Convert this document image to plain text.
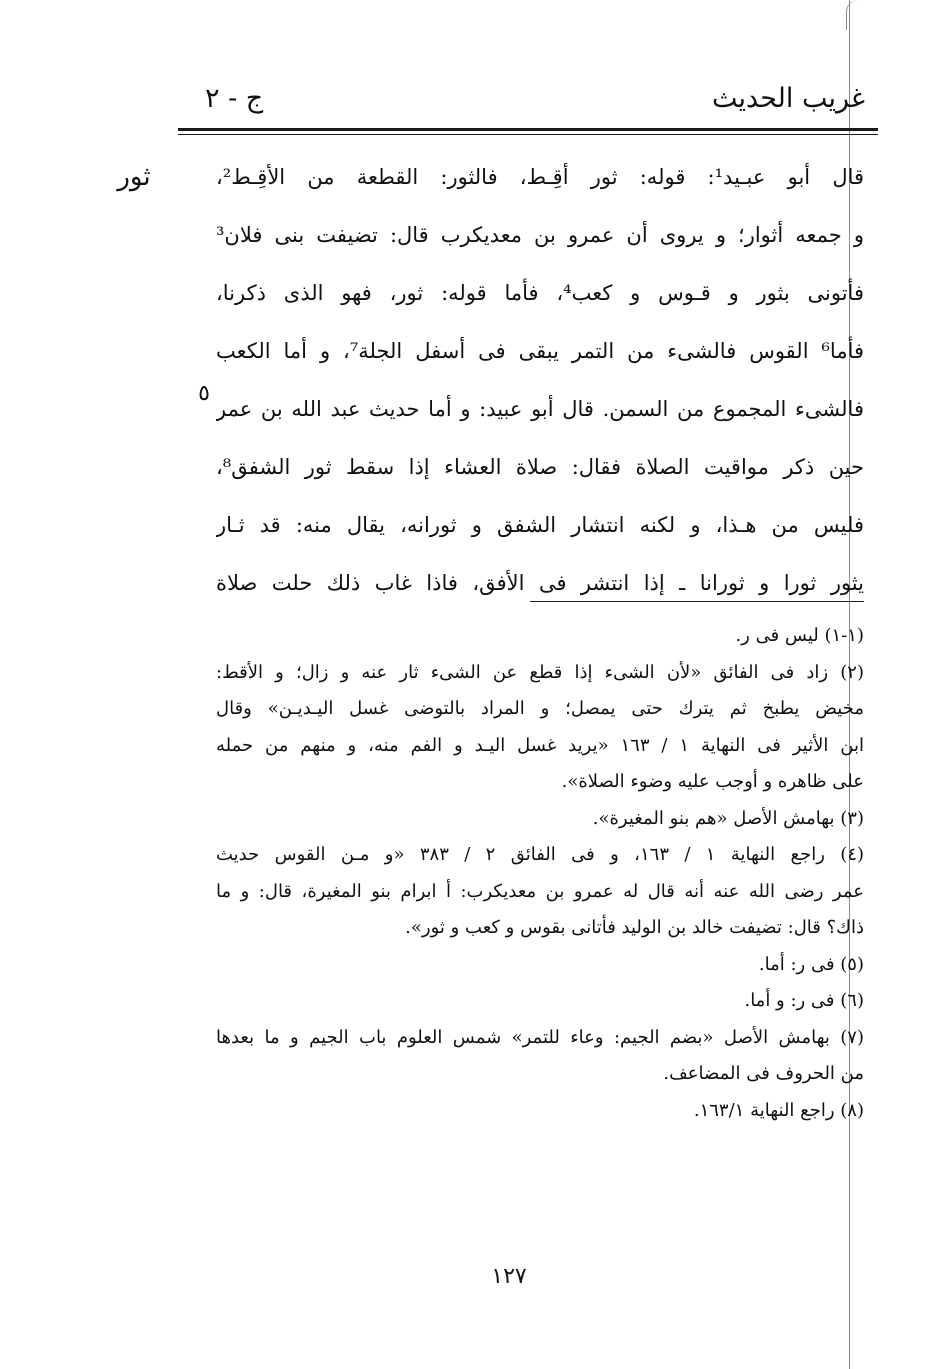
غريب الحديث
ج - ٢
ثور
٥
قال أبو عبـيد¹: قوله: ثور أقِـط، فالثور: القطعة من الأقِـط²،
و جمعه أثوار؛ و يروى أن عمرو بن معديكرب قال: تضيفت بنى فلان³
فأتونى بثور و قـوس و كعب⁴، فأما قوله: ثور، فهو الذى ذكرنا،
فأما⁶ القوس فالشىء من التمر يبقى فى أسفل الجلة⁷، و أما الكعب
فالشىء المجموع من السمن. قال أبو عبيد: و أما حديث عبد الله بن عمر
حين ذكر مواقيت الصلاة فقال: صلاة العشاء إذا سقط ثور الشفق⁸،
فليس من هـذا، و لكنه انتشار الشفق و ثورانه، يقال منه: قد ثـار
يثور ثورا و ثورانا ـ إذا انتشر فى الأفق، فاذا غاب ذلك حلت صلاة
(١-١) ليس فى ر.
(٢) زاد فى الفائق «لأن الشىء إذا قطع عن الشىء ثار عنه و زال؛ و الأقط:
مخيض يطبخ ثم يترك حتى يمصل؛ و المراد بالتوضى غسل اليـديـن» وقال
ابن الأثير فى النهاية ١ / ١٦٣ «يريد غسل اليـد و الفم منه، و منهم من حمله
على ظاهره و أوجب عليه وضوء الصلاة».
(٣) بهامش الأصل «هم بنو المغيرة».
(٤) راجع النهاية ١ / ١٦٣، و فى الفائق ٢ / ٣٨٣ «و مـن القوس حديث
عمر رضى الله عنه أنه قال له عمرو بن معديكرب: أ ابرام بنو المغيرة، قال: و ما
ذاك؟ قال: تضيفت خالد بن الوليد فأتانى بقوس و كعب و ثور».
(٥) فى ر: أما.
(٦) فى ر: و أما.
(٧) بهامش الأصل «بضم الجيم: وعاء للتمر» شمس العلوم باب الجيم و ما بعدها
من الحروف فى المضاعف.
(٨) راجع النهاية ١٦٣/١.
١٢٧
